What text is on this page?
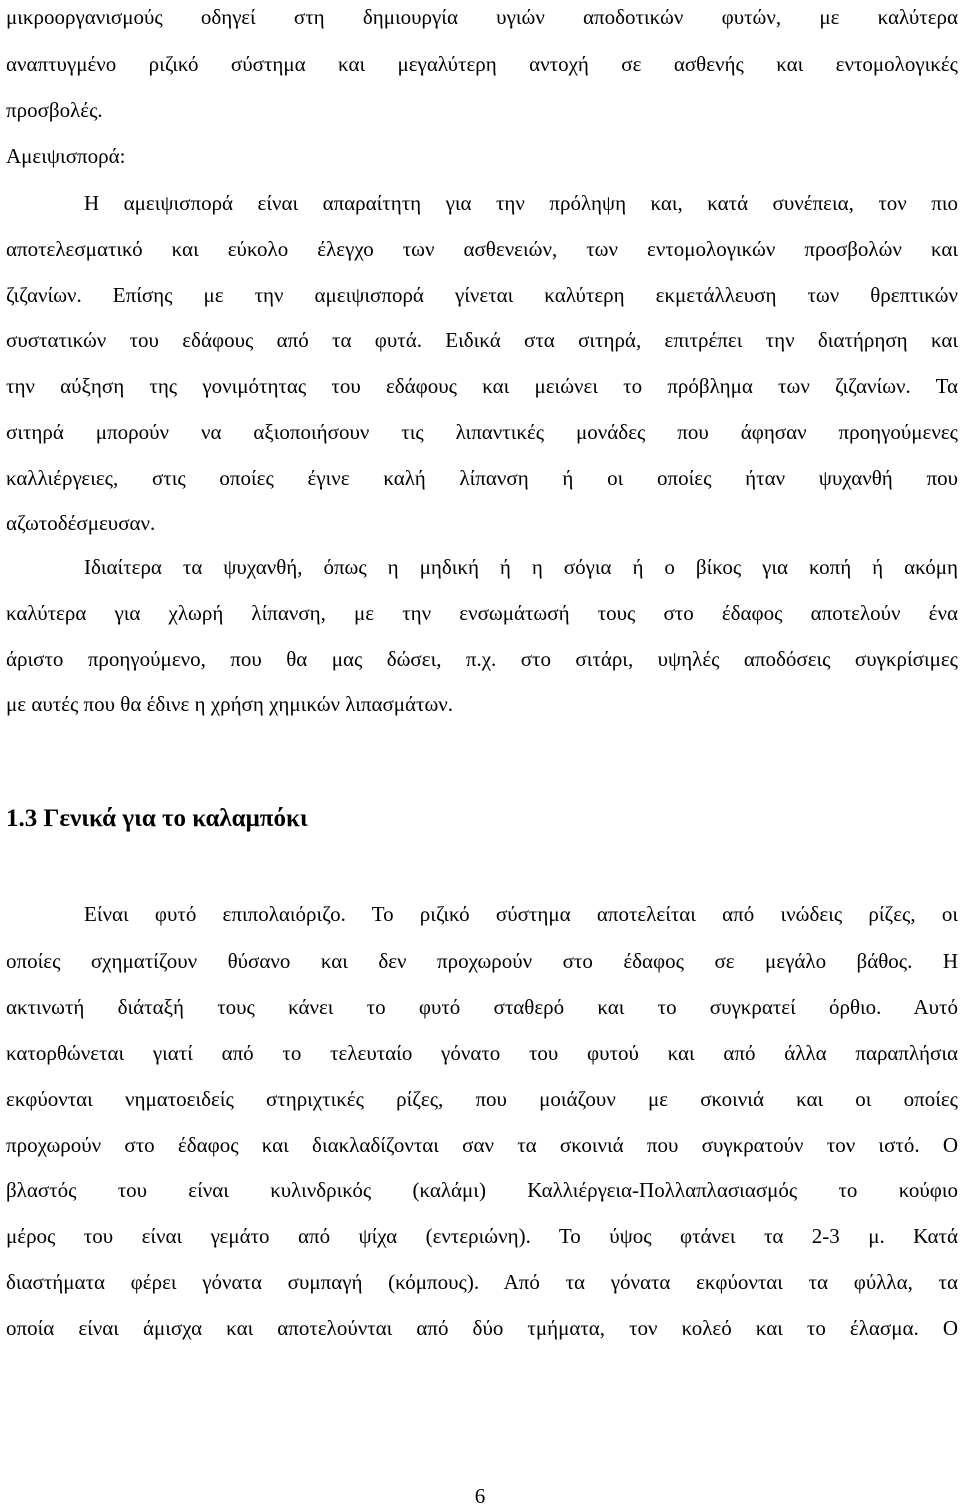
μικροοργανισμούς οδηγεί στη δημιουργία υγιών αποδοτικών φυτών, με καλύτερα
αναπτυγμένο ριζικό σύστημα και μεγαλύτερη αντοχή σε ασθενής και εντομολογικές
προσβολές.
Αμειψισπορά:
Η αμειψισπορά είναι απαραίτητη για την πρόληψη και, κατά συνέπεια, τον πιο
αποτελεσματικό και εύκολο έλεγχο των ασθενειών, των εντομολογικών προσβολών και
ζιζανίων. Επίσης με την αμειψισπορά γίνεται καλύτερη εκμετάλλευση των θρεπτικών
συστατικών του εδάφους από τα φυτά. Ειδικά στα σιτηρά, επιτρέπει την διατήρηση και
την αύξηση της γονιμότητας του εδάφους και μειώνει το πρόβλημα των ζιζανίων. Τα
σιτηρά μπορούν να αξιοποιήσουν τις λιπαντικές μονάδες που άφησαν προηγούμενες
καλλιέργειες, στις οποίες έγινε καλή λίπανση ή οι οποίες ήταν ψυχανθή που
αζωτοδέσμευσαν.
Ιδιαίτερα τα ψυχανθή, όπως η μηδική ή η σόγια ή ο βίκος για κοπή ή ακόμη
καλύτερα για χλωρή λίπανση, με την ενσωμάτωσή τους στο έδαφος αποτελούν ένα
άριστο προηγούμενο, που θα μας δώσει, π.χ. στο σιτάρι, υψηλές αποδόσεις συγκρίσιμες
με αυτές που θα έδινε η χρήση χημικών λιπασμάτων.
1.3 Γενικά για το καλαμπόκι
Είναι φυτό επιπολαιόριζο. Το ριζικό σύστημα αποτελείται από ινώδεις ρίζες, οι
οποίες σχηματίζουν θύσανο και δεν προχωρούν στο έδαφος σε μεγάλο βάθος. Η
ακτινωτή διάταξή τους κάνει το φυτό σταθερό και το συγκρατεί όρθιο. Αυτό
κατορθώνεται γιατί από το τελευταίο γόνατο του φυτού και από άλλα παραπλήσια
εκφύονται νηματοειδείς στηριχτικές ρίζες, που μοιάζουν με σκοινιά και οι οποίες
προχωρούν στο έδαφος και διακλαδίζονται σαν τα σκοινιά που συγκρατούν τον ιστό. Ο
βλαστός του είναι κυλινδρικός (καλάμι) Καλλιέργεια-Πολλαπλασιασμός το κούφιο
μέρος του είναι γεμάτο από ψίχα (εντεριώνη). Το ύψος φτάνει τα 2-3 μ. Κατά
διαστήματα φέρει γόνατα συμπαγή (κόμπους). Από τα γόνατα εκφύονται τα φύλλα, τα
οποία είναι άμισχα και αποτελούνται από δύο τμήματα, τον κολεό και το έλασμα. Ο
6
